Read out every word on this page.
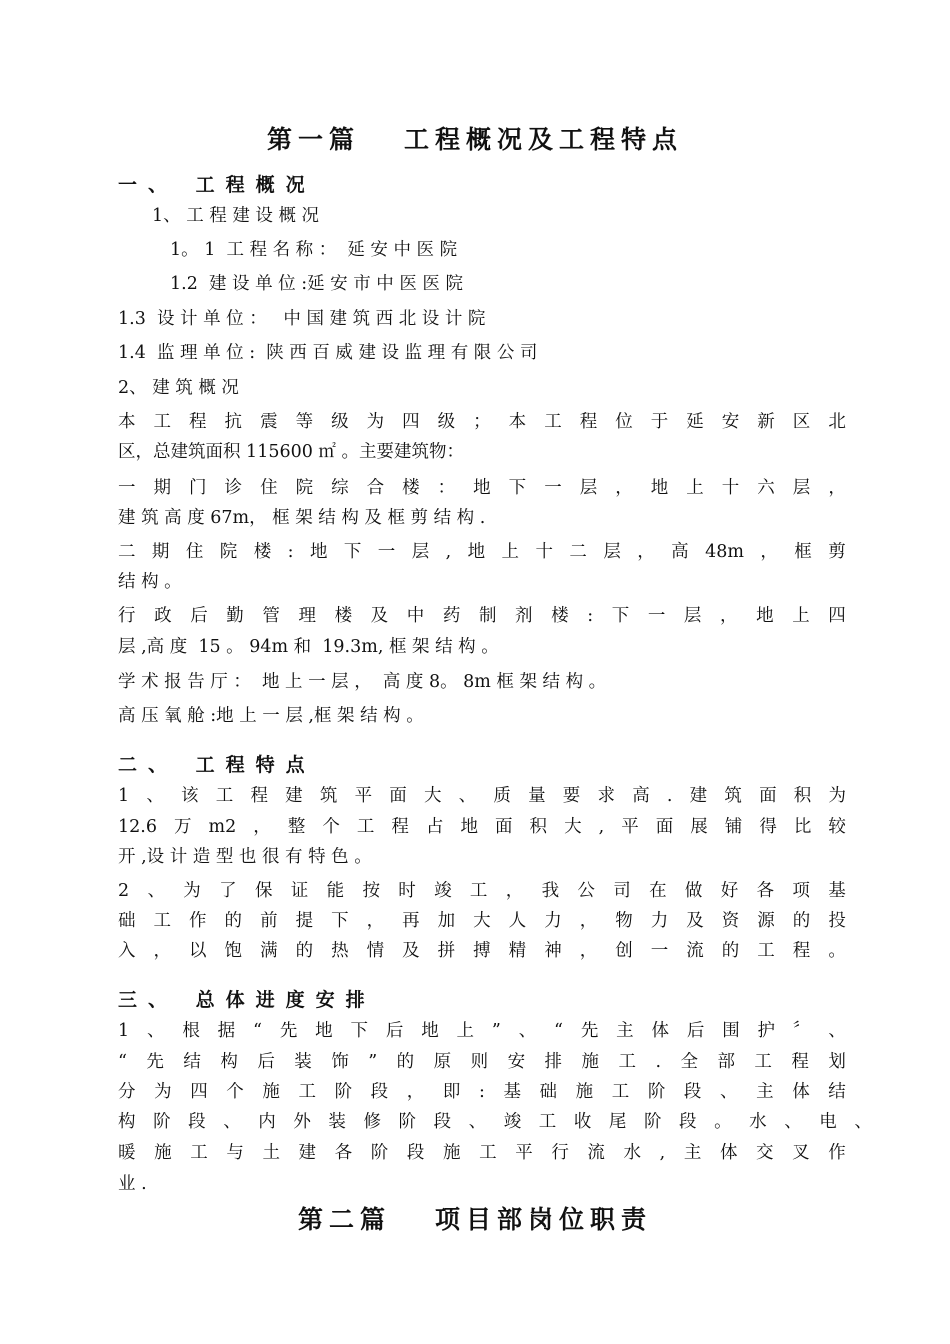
第一篇   工程概况及工程特点
一、 工程概况
1、 工 程 建 设 概 况
1。 1  工 程 名 称 ：  延 安 中 医 院
1.2  建 设 单 位 :延 安 市 中 医 医 院
1.3  设 计 单 位 ：   中 国 建 筑 西 北 设 计 院
1.4  监 理 单 位 :  陕 西 百 威 建 设 监 理 有 限 公 司
2、 建 筑 概 况
本 工 程 抗 震 等 级 为 四 级 ； 本 工 程 位 于 延 安 新 区 北
区，总建筑面积 115600 ㎡ 。主要建筑物：
一 期 门 诊 住 院 综 合 楼 ： 地 下 一 层 ， 地 上 十 六 层 ，
建 筑 高 度 67m， 框 架 结 构 及 框 剪 结 构 .
二 期 住 院 楼 : 地 下 一 层 , 地 上 十 二 层 ， 高 48m ， 框 剪
结 构 。
行 政 后 勤 管 理 楼 及 中 药 制 剂 楼 : 下 一 层 ， 地 上 四
层 ,高 度  15 。 94m 和  19.3m, 框 架 结 构 。
学 术 报 告 厅 ：  地 上 一 层 ，  高 度 8。 8m 框 架 结 构 。
高 压 氧 舱 :地 上 一 层 ,框 架 结 构 。
二、 工程特点
1 、 该 工 程 建 筑 平 面 大 、 质 量 要 求 高 . 建 筑 面 积 为
12.6 万 m2 ， 整 个 工 程 占 地 面 积 大 , 平 面 展 铺 得 比 较
开 ,设 计 造 型 也 很 有 特 色 。
2 、 为 了 保 证 能 按 时 竣 工 ， 我 公 司 在 做 好 各 项 基
础 工 作 的 前 提 下 ， 再 加 大 人 力 ， 物 力 及 资 源 的 投
入 ， 以 饱 满 的 热 情 及 拼 搏 精 神 ， 创 一 流 的 工 程 。
三、 总体进度安排
1 、 根 据 “ 先 地 下 后 地 上 ” 、 “ 先 主 体 后 围 护 〞 、
“ 先 结 构 后 装 饰 ” 的 原 则 安 排 施 工 . 全 部 工 程 划
分 为 四 个 施 工 阶 段 ， 即 : 基 础 施 工 阶 段 、 主 体 结
构 阶 段 、 内 外 装 修 阶 段 、 竣 工 收 尾 阶 段 。 水 、 电 、
暖 施 工 与 土 建 各 阶 段 施 工 平 行 流 水 , 主 体 交 叉 作
业 .
第二篇   项目部岗位职责
